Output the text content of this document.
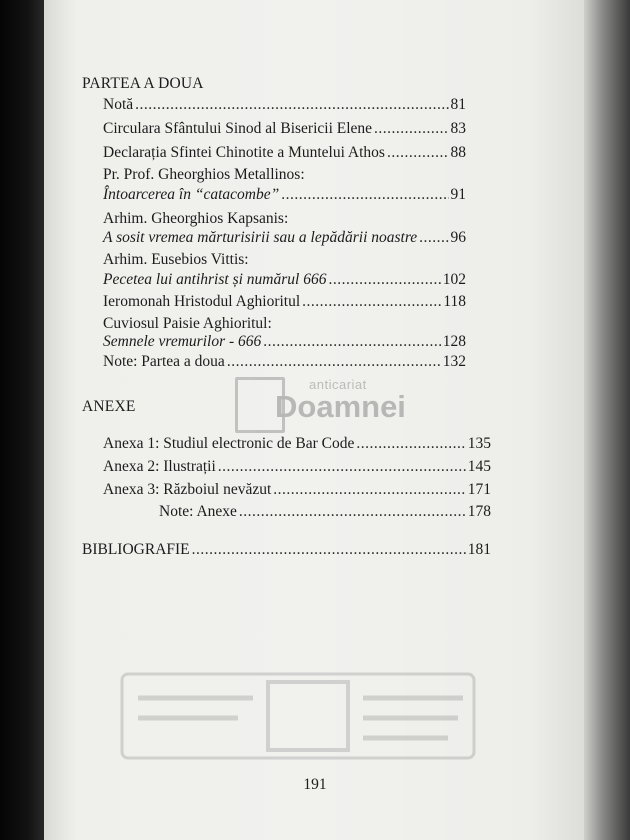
PARTEA A DOUA
Notă .....	81
Circulara Sfântului Sinod al Bisericii Elene .....	83
Declarația Sfintei Chinotite a Muntelui Athos .....	88
Pr. Prof. Gheorghios Metallinos:
Întoarcerea în “catacombe” .....	91
Arhim. Gheorghios Kapsanis:
A sosit vremea mărturisirii sau a lepădării noastre ..... 96
Arhim. Eusebios Vittis:
Pecetea lui antihrist și numărul 666 .....	102
Ieromonah Hristodul Aghioritul .....	118
Cuviosul Paisie Aghioritul:
Semnele vremurilor - 666 .....	128
Note: Partea a doua .....	132
anticariat
Doamnei
ANEXE
Anexa 1: Studiul electronic de Bar Code .....	135
Anexa 2: Ilustrații .....	145
Anexa 3: Războiul nevăzut .....	171
Note: Anexe .....	178
BIBLIOGRAFIE .....	181
191
